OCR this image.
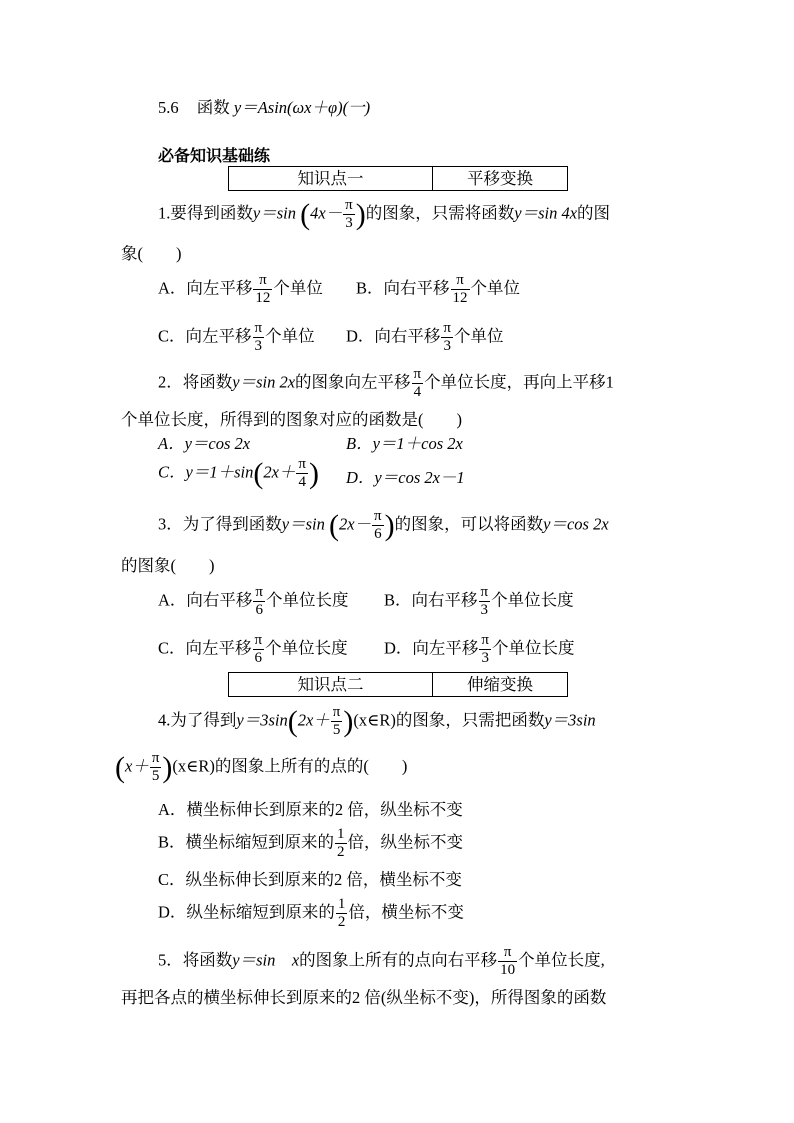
5.6 函数 y＝Asin(ωx＋φ)(一)
必备知识基础练
知识点一	平移变换
1.要得到函数y＝sin ($4x- \frac{\pi}{3}$ )的图象，只需将函数y＝sin 4x的图
象(　　)
A．向左平移 $\frac{\pi}{12}$ 个单位 B．向右平移 $\frac{\pi}{12}$ 个单位
C．向左平移 $\frac{\pi}{3}$ 个单位 D．向右平移 $\frac{\pi}{3}$ 个单位
2．将函数y＝sin 2x的图象向左平移 $\frac{\pi}{4}$ 个单位长度，再向上平移1
个单位长度，所得到的图象对应的函数是(　　)
A．y＝cos 2x	B．y＝1＋cos 2x
C．$y=1+\sin(2x+ \frac{\pi}{4}$ ) D．y＝cos 2x－1
3．为了得到函数y＝sin ($2x- \frac{\pi}{6}$ )的图象，可以将函数y＝cos 2x
的图象(　　)
A．向右平移 $\frac{\pi}{6}$ 个单位长度 B．向右平移 $\frac{\pi}{3}$ 个单位长度
C．向左平移 $\frac{\pi}{6}$ 个单位长度 D．向左平移 $\frac{\pi}{3}$ 个单位长度
知识点二	伸缩变换
4.为了得到$y=3\sin(2x+ \frac{\pi}{5}$ )(x∈R)的图象，只需把函数y＝3sin
($x+ \frac{\pi}{5}$ )(x∈R)的图象上所有的点的(　　)
A．横坐标伸长到原来的2 倍，纵坐标不变
B．横坐标缩短到原来的 $\frac{1}{2}$ 倍，纵坐标不变
C．纵坐标伸长到原来的2 倍，横坐标不变
D．纵坐标缩短到原来的 $\frac{1}{2}$ 倍，横坐标不变
5．将函数y＝sin　x的图象上所有的点向右平移 $\frac{\pi}{10}$ 个单位长度,
再把各点的横坐标伸长到原来的2 倍(纵坐标不变)，所得图象的函数
